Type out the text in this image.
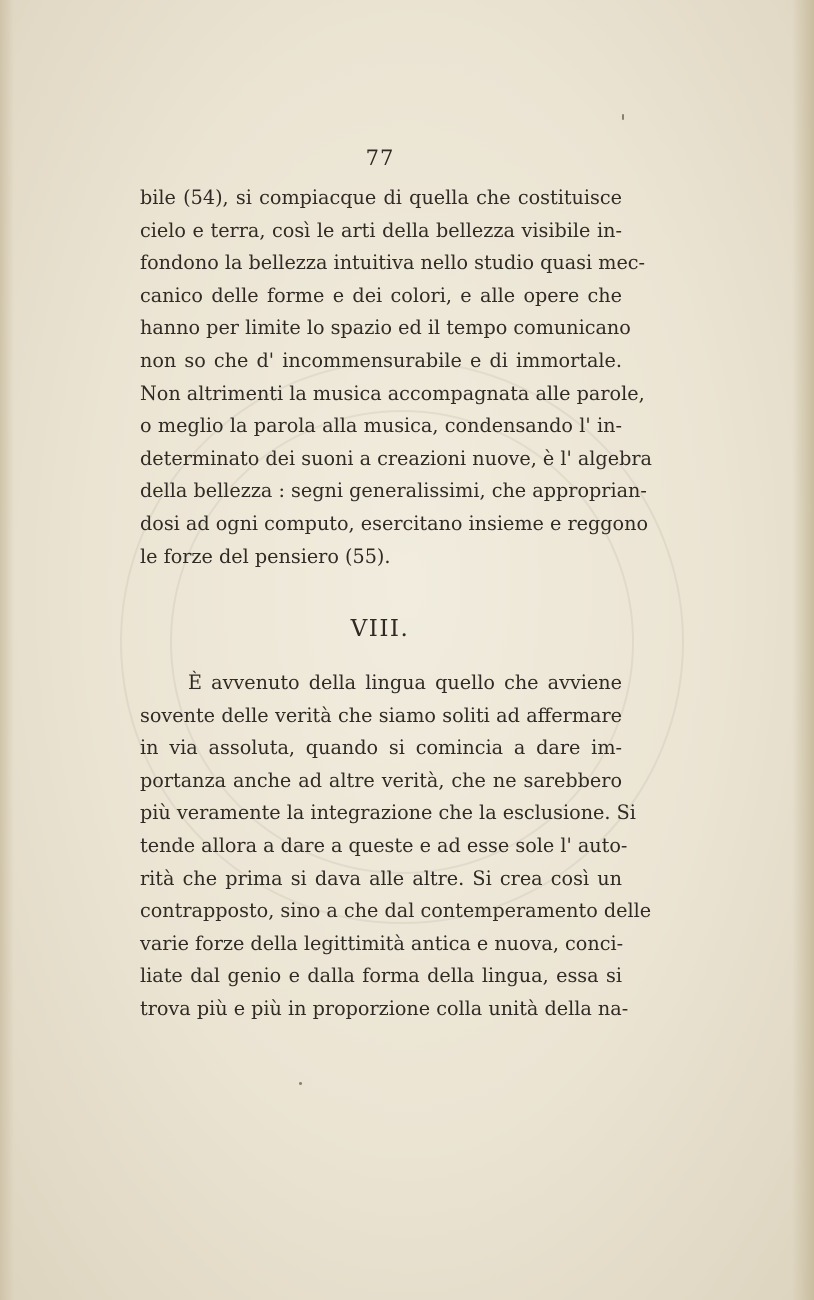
77
bile (54), si compiacque di quella che costituisce
cielo e terra, così le arti della bellezza visibile in-
fondono la bellezza intuitiva nello studio quasi mec-
canico delle forme e dei colori, e alle opere che
hanno per limite lo spazio ed il tempo comunicano
non so che d' incommensurabile e di immortale.
Non altrimenti la musica accompagnata alle parole,
o meglio la parola alla musica, condensando l' in-
determinato dei suoni a creazioni nuove, è l' algebra
della bellezza : segni generalissimi, che approprian-
dosi ad ogni computo, esercitano insieme e reggono
le forze del pensiero (55).
VIII.
È avvenuto della lingua quello che avviene
sovente delle verità che siamo soliti ad affermare
in via assoluta, quando si comincia a dare im-
portanza anche ad altre verità, che ne sarebbero
più veramente la integrazione che la esclusione. Si
tende allora a dare a queste e ad esse sole l' auto-
rità che prima si dava alle altre. Si crea così un
contrapposto, sino a che dal contemperamento delle
varie forze della legittimità antica e nuova, conci-
liate dal genio e dalla forma della lingua, essa si
trova più e più in proporzione colla unità della na-
